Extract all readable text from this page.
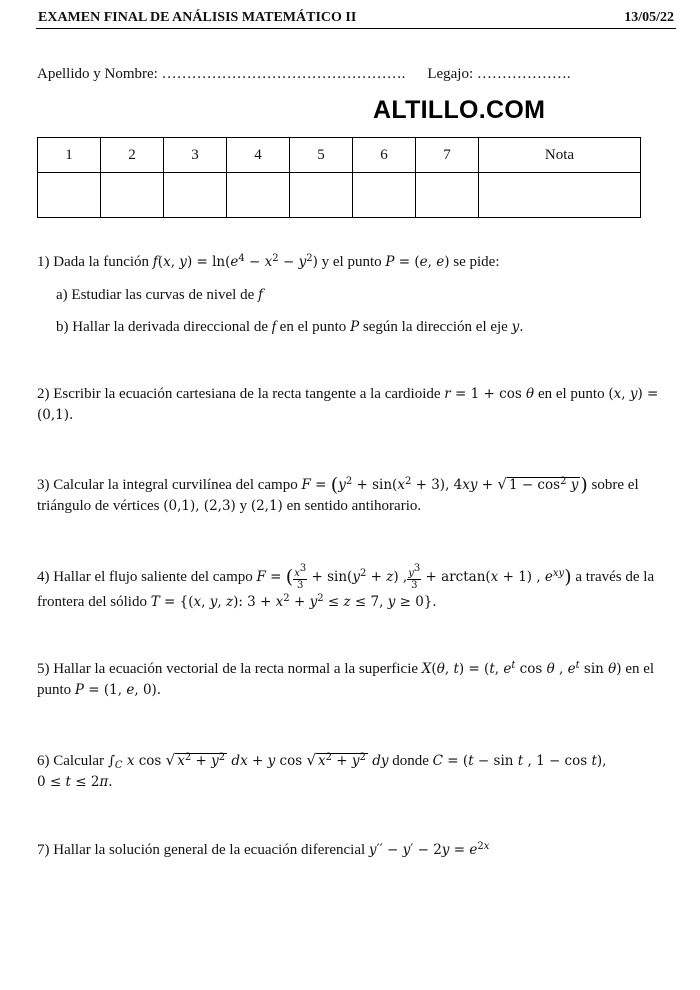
EXAMEN FINAL DE ANÁLISIS MATEMÁTICO II	13/05/22
Apellido y Nombre: …………………………………………. Legajo: ……………….
ALTILLO.COM
1	2	3	4	5	6	7	Nota

1) Dada la función f(x, $y) = \ln(e^4 - x^2 - y^2)$ y el punto P = (e, e) se pide:
a) Estudiar las curvas de nivel de f
b) Hallar la derivada direccional de f en el punto P según la dirección el eje y.
2) Escribir la ecuación cartesiana de la recta tangente a la cardioide r = 1 + cos θ en el punto (x, y) = (0,1).
3) Calcular la integral curvilínea del campo $F = (y^2 + \sin(x^2 + 3)$, 4xy + √ $1 - \cos^2 y$ ) sobre el triángulo de vértices (0,1), (2,3) y (2,1) en sentido antihorario.
4) Hallar el flujo saliente del campo F = ( $\frac{x^3}{3} + \sin(y^2 + z)$ , $\frac{y^3}{3} + \arctan(x + 1)$ , $e^{xy}$) a través de la frontera del sólido T = {(x, y, z): $3 + x^2 + y^2 \le z \le 7$, y ≥ 0}.
5) Hallar la ecuación vectorial de la recta normal a la superficie X(θ, t) = (t, $e^t$ cos θ , $e^t$ sin θ) en el punto P = (1, e, 0).
6) Calcular $\int_C$ x cos √ $x^2 + y^2$ dx + y cos √ $x^2 + y^2$ dy donde C = (t − sin t , 1 − cos t),
0 ≤ t ≤ 2π.
7) Hallar la solución general de la ecuación diferencial $y'' - y' - 2y = e^{2x}$
